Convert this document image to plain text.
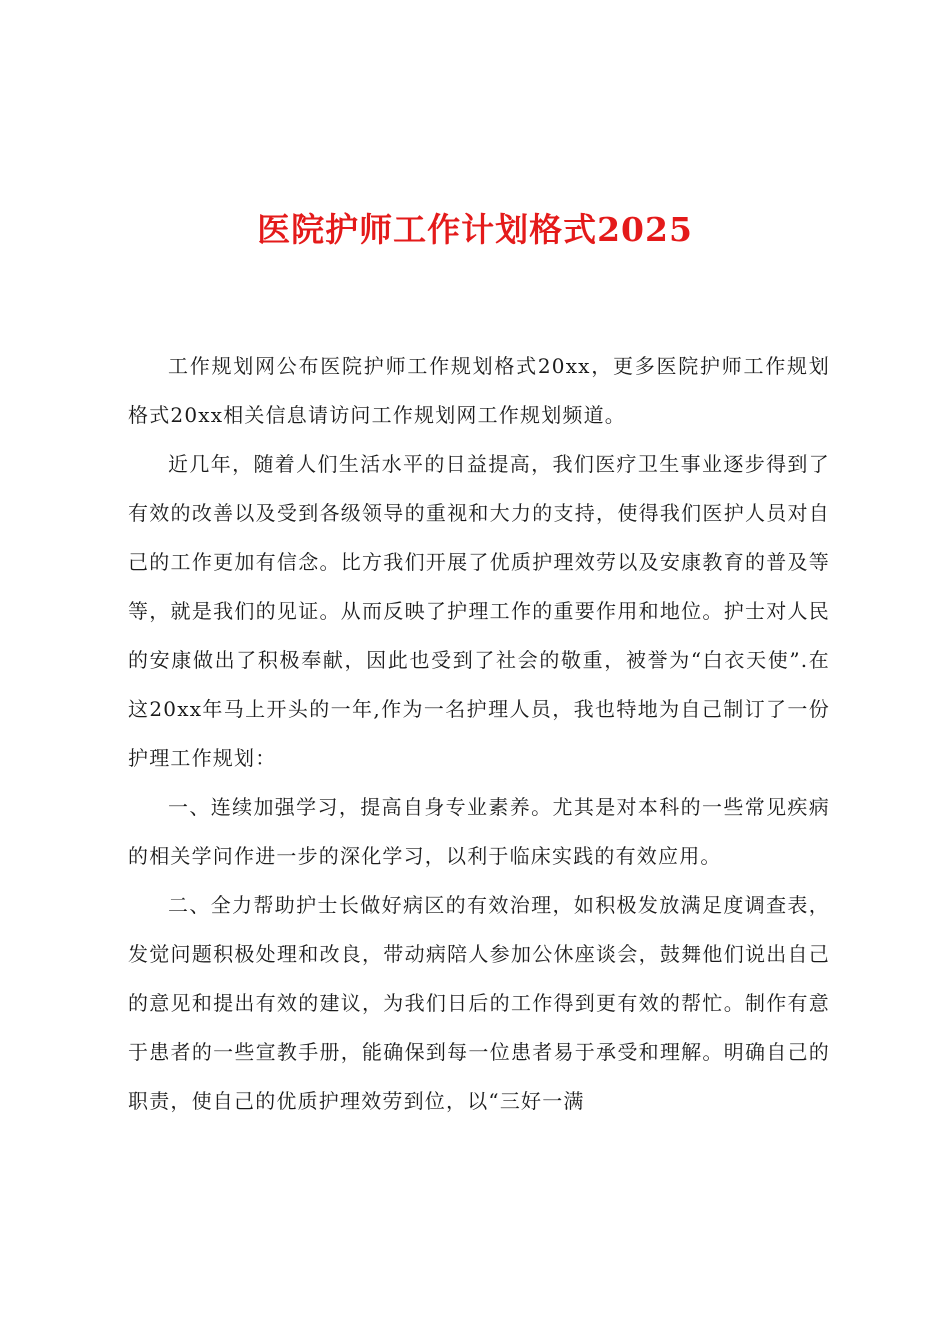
医院护师工作计划格式2025

工作规划网公布医院护师工作规划格式20xx，更多医院护师工作规划格式20xx相关信息请访问工作规划网工作规划频道。

近几年，随着人们生活水平的日益提高，我们医疗卫生事业逐步得到了有效的改善以及受到各级领导的重视和大力的支持，使得我们医护人员对自己的工作更加有信念。比方我们开展了优质护理效劳以及安康教育的普及等等，就是我们的见证。从而反映了护理工作的重要作用和地位。护士对人民的安康做出了积极奉献，因此也受到了社会的敬重，被誉为“白衣天使”.在这20xx年马上开头的一年,作为一名护理人员，我也特地为自己制订了一份护理工作规划：

一、连续加强学习，提高自身专业素养。尤其是对本科的一些常见疾病的相关学问作进一步的深化学习，以利于临床实践的有效应用。

二、全力帮助护士长做好病区的有效治理，如积极发放满足度调查表，发觉问题积极处理和改良，带动病陪人参加公休座谈会，鼓舞他们说出自己的意见和提出有效的建议，为我们日后的工作得到更有效的帮忙。制作有意于患者的一些宣教手册，能确保到每一位患者易于承受和理解。明确自己的职责，使自己的优质护理效劳到位，以“三好一满
